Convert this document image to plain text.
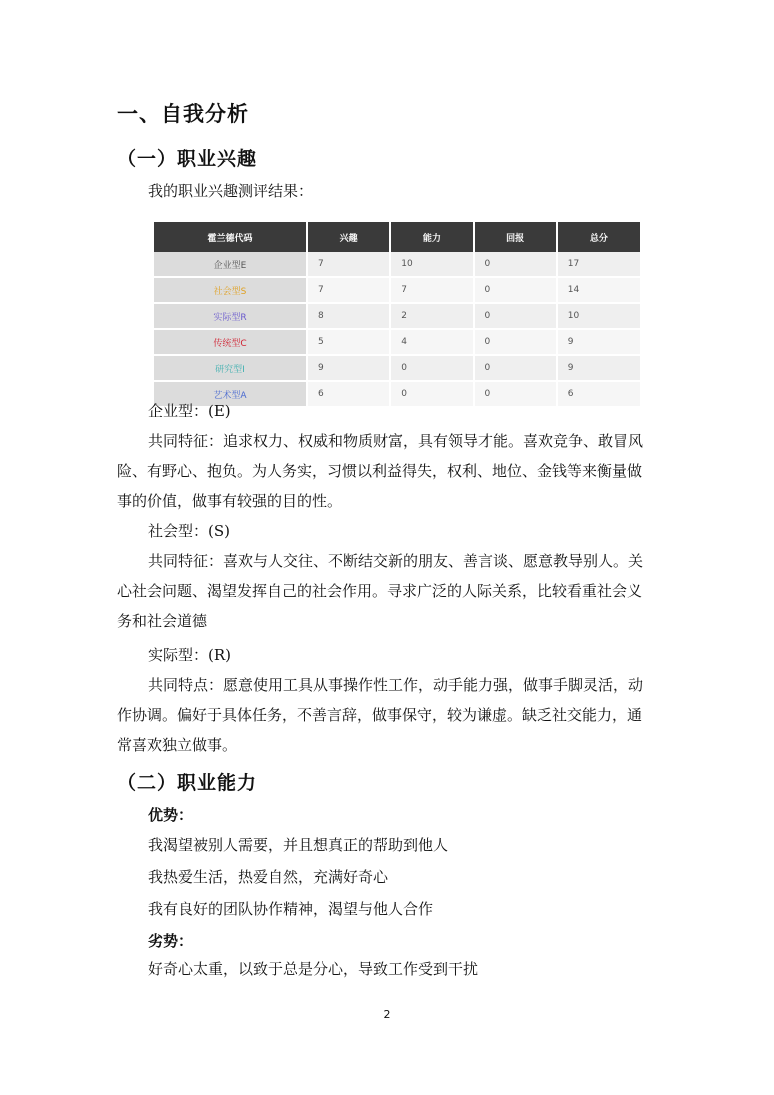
一、自我分析
（一）职业兴趣
我的职业兴趣测评结果：
霍兰德代码	兴趣	能力	回报	总分
企业型E	7	10	0	17
社会型S	7	7	0	14
实际型R	8	2	0	10
传统型C	5	4	0	9
研究型I	9	0	0	9
艺术型A	6	0	0	6
企业型：(E)
共同特征：追求权力、权威和物质财富，具有领导才能。喜欢竞争、敢冒风
险、有野心、抱负。为人务实，习惯以利益得失，权利、地位、金钱等来衡量做
事的价值，做事有较强的目的性。
社会型：(S)
共同特征：喜欢与人交往、不断结交新的朋友、善言谈、愿意教导别人。关
心社会问题、渴望发挥自己的社会作用。寻求广泛的人际关系，比较看重社会义
务和社会道德
实际型：(R)
共同特点：愿意使用工具从事操作性工作，动手能力强，做事手脚灵活，动
作协调。偏好于具体任务，不善言辞，做事保守，较为谦虚。缺乏社交能力，通
常喜欢独立做事。
（二）职业能力
优势：
我渴望被别人需要，并且想真正的帮助到他人
我热爱生活，热爱自然，充满好奇心
我有良好的团队协作精神，渴望与他人合作
劣势：
好奇心太重，以致于总是分心，导致工作受到干扰
2
